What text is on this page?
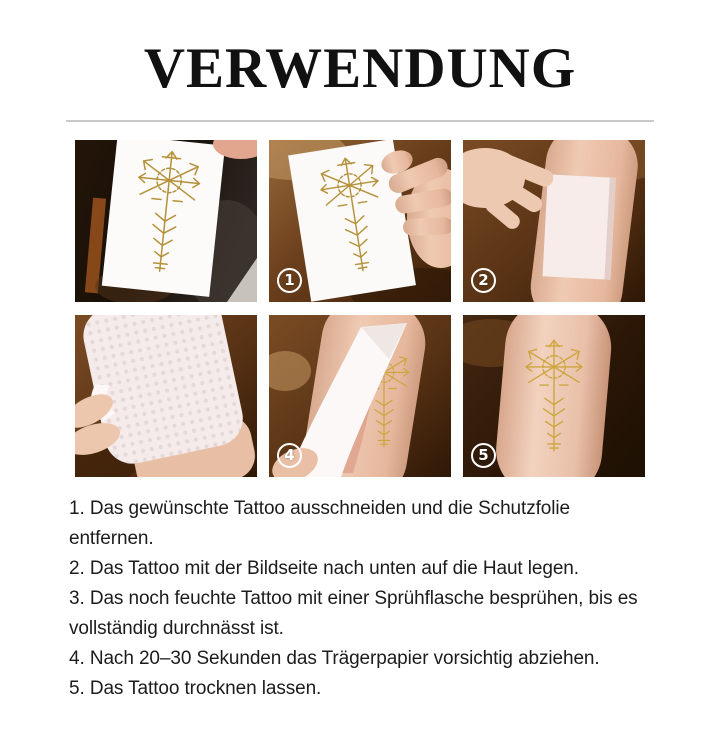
VERWENDUNG
1	2
4	5

1. Das gewünschte Tattoo ausschneiden und die Schutzfolie entfernen.

2. Das Tattoo mit der Bildseite nach unten auf die Haut legen.

3. Das noch feuchte Tattoo mit einer Sprühflasche besprühen, bis es vollständig durchnässt ist.

4. Nach 20–30 Sekunden das Trägerpapier vorsichtig abziehen.

5. Das Tattoo trocknen lassen.
